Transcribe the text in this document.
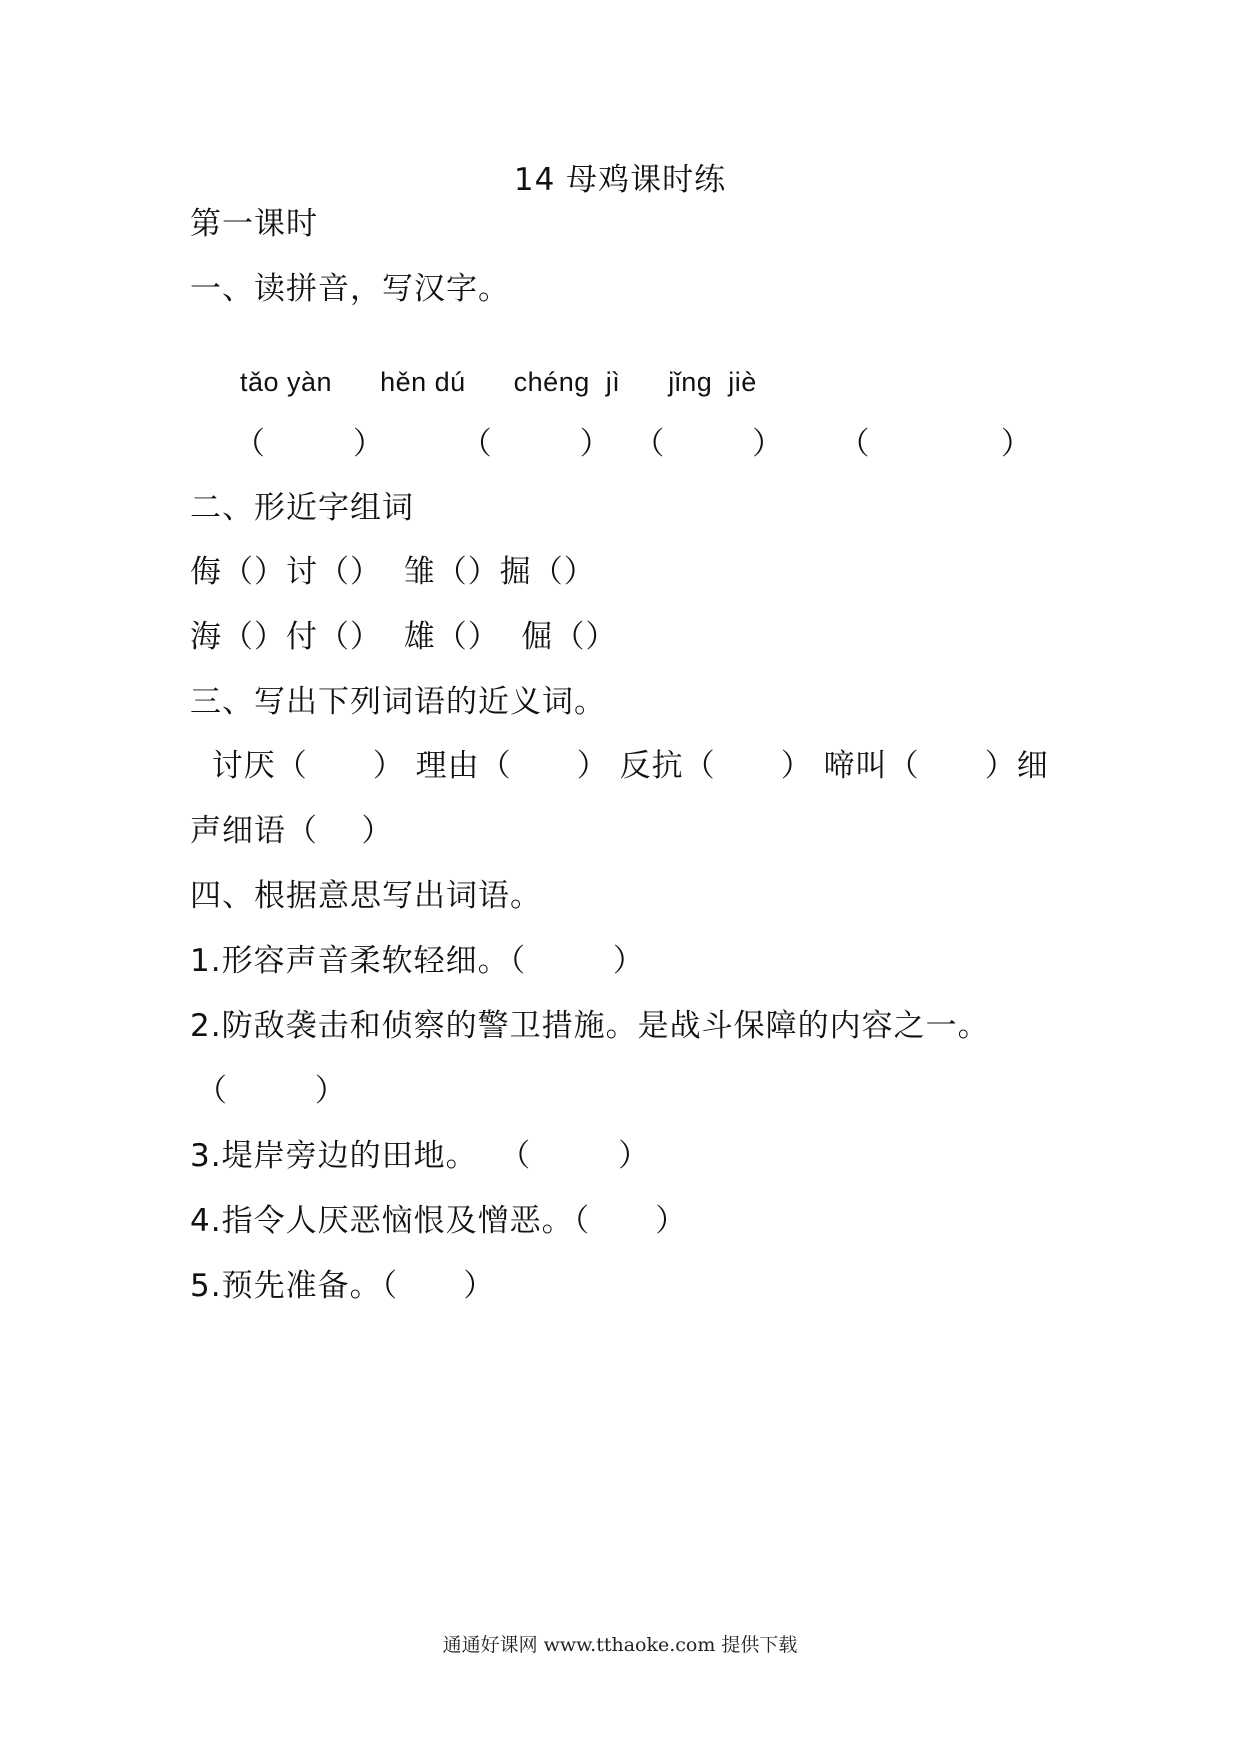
14 母鸡课时练
第一课时
一、读拼音，写汉字。
tǎo yàn      hěn dú      chéng  jì      jǐng  jiè
（        ）       （        ）  （        ）     （            ）
二、形近字组词
侮（）讨（）  雏（）掘（）
海（）付（）  雄（）  倔（）
三、写出下列词语的近义词。
讨厌（      ） 理由（      ） 反抗（      ） 啼叫（      ）细
声细语（    ）
四、根据意思写出词语。
1.形容声音柔软轻细。（        ）
2.防敌袭击和侦察的警卫措施。是战斗保障的内容之一。
（        ）
3.堤岸旁边的田地。  （        ）
4.指令人厌恶恼恨及憎恶。（      ）
5.预先准备。（      ）
通通好课网 www.tthaoke.com 提供下载
